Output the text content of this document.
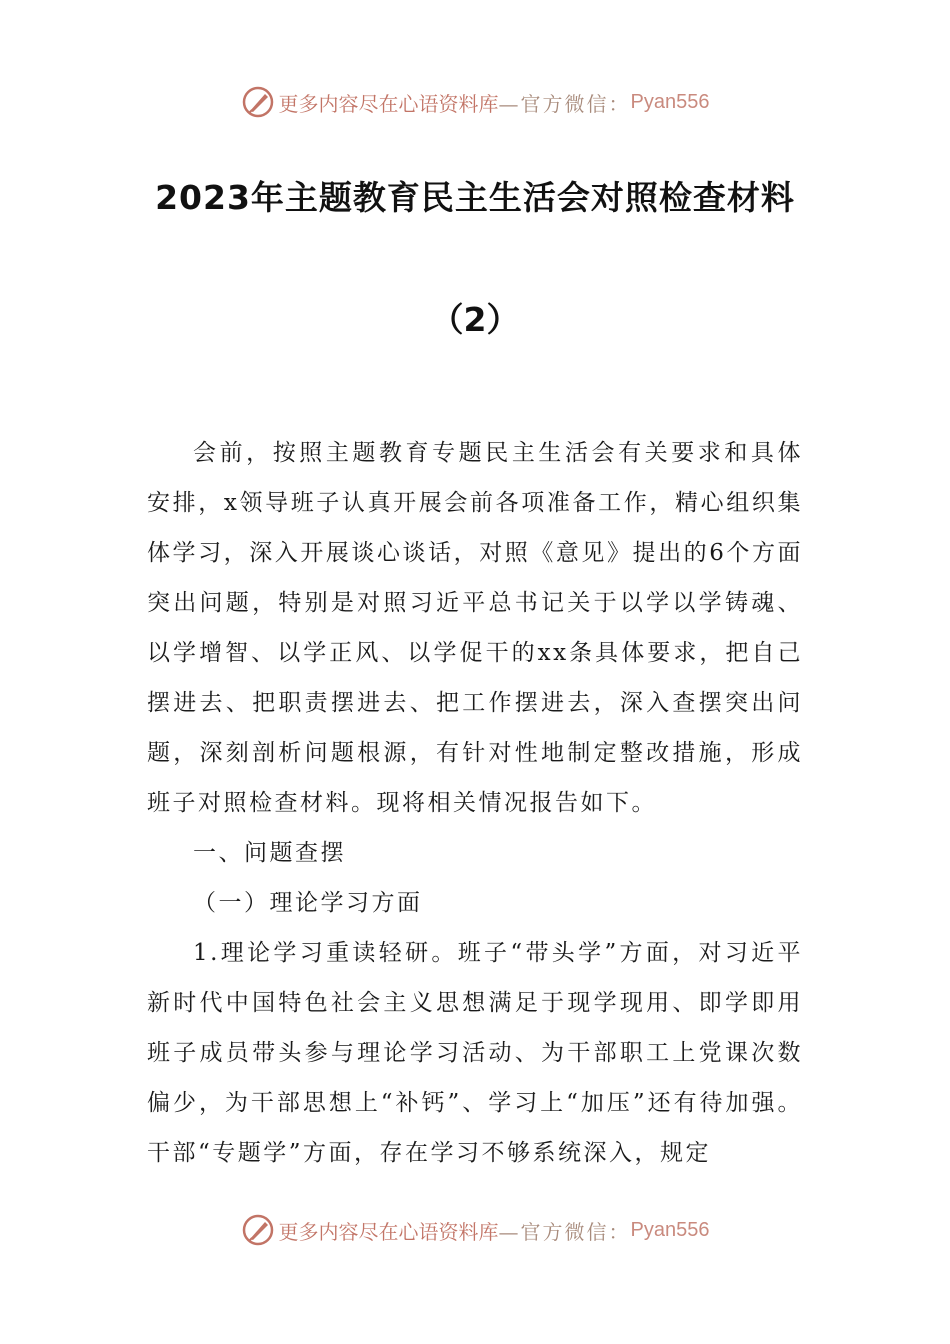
更多内容尽在心语资料库 —官方微信： Pyan556
2023年主题教育民主生活会对照检查材料
（2）

会前，按照主题教育专题民主生活会有关要求和具体安排，x领导班子认真开展会前各项准备工作，精心组织集体学习，深入开展谈心谈话，对照《意见》提出的6个方面突出问题，特别是对照习近平总书记关于以学以学铸魂、以学增智、以学正风、以学促干的xx条具体要求，把自己摆进去、把职责摆进去、把工作摆进去，深入查摆突出问题，深刻剖析问题根源，有针对性地制定整改措施，形成班子对照检查材料。现将相关情况报告如下。

一、问题查摆

（一）理论学习方面

1.理论学习重读轻研。班子“带头学”方面，对习近平新时代中国特色社会主义思想满足于现学现用、即学即用班子成员带头参与理论学习活动、为干部职工上党课次数偏少，为干部思想上“补钙”、学习上“加压”还有待加强。干部“专题学”方面，存在学习不够系统深入，规定

更多内容尽在心语资料库 —官方微信： Pyan556
